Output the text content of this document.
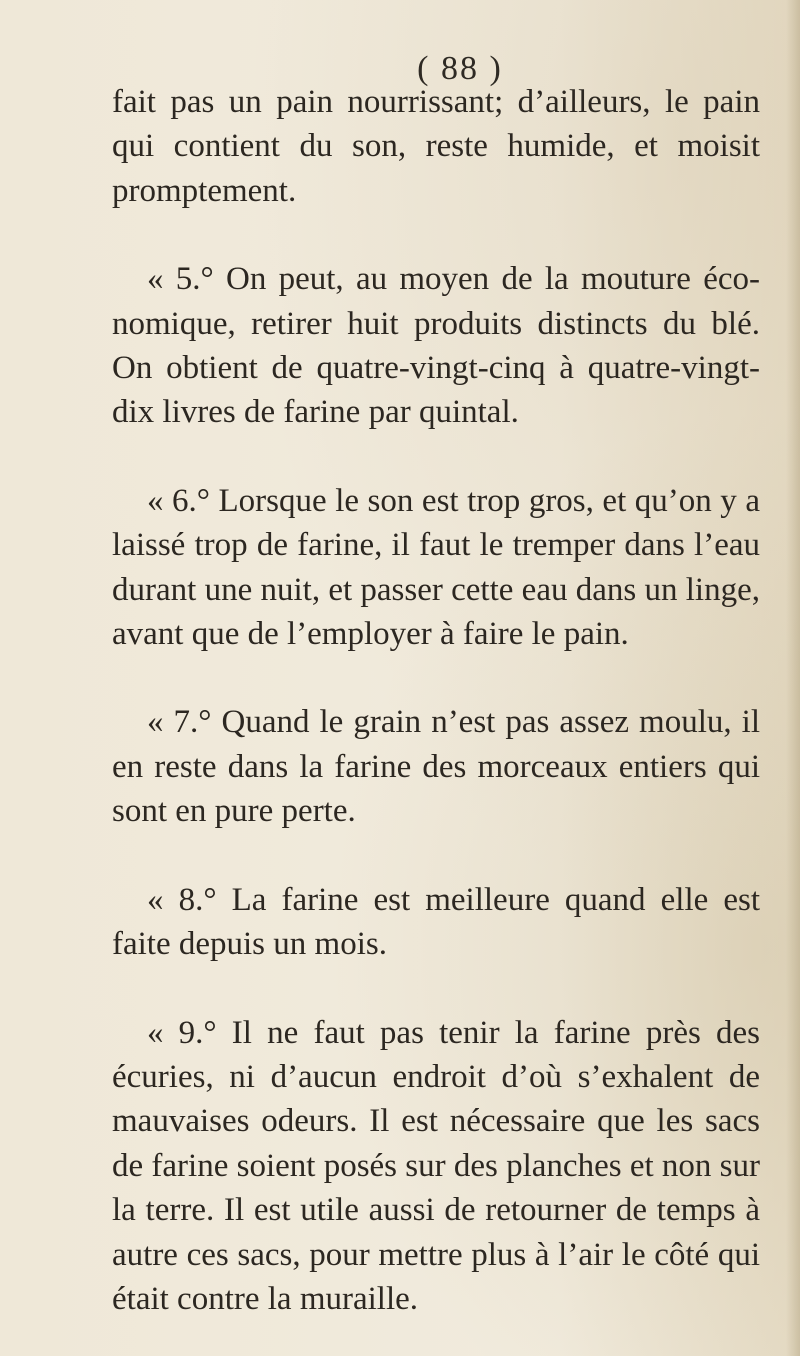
( 88 )

fait pas un pain nourrissant; d’ailleurs, le pain qui contient du son, reste humide, et moisit promptement.

« 5.° On peut, au moyen de la mouture éco- nomique, retirer huit produits distincts du blé. On obtient de quatre-vingt-cinq à quatre-vingt- dix livres de farine par quintal.

« 6.° Lorsque le son est trop gros, et qu’on y a laissé trop de farine, il faut le tremper dans l’eau durant une nuit, et passer cette eau dans un linge, avant que de l’employer à faire le pain.

« 7.° Quand le grain n’est pas assez moulu, il en reste dans la farine des morceaux entiers qui sont en pure perte.

« 8.° La farine est meilleure quand elle est faite depuis un mois.

« 9.° Il ne faut pas tenir la farine près des écuries, ni d’aucun endroit d’où s’exhalent de mauvaises odeurs. Il est nécessaire que les sacs de farine soient posés sur des planches et non sur la terre. Il est utile aussi de retourner de temps à autre ces sacs, pour mettre plus à l’air le côté qui était contre la muraille.
